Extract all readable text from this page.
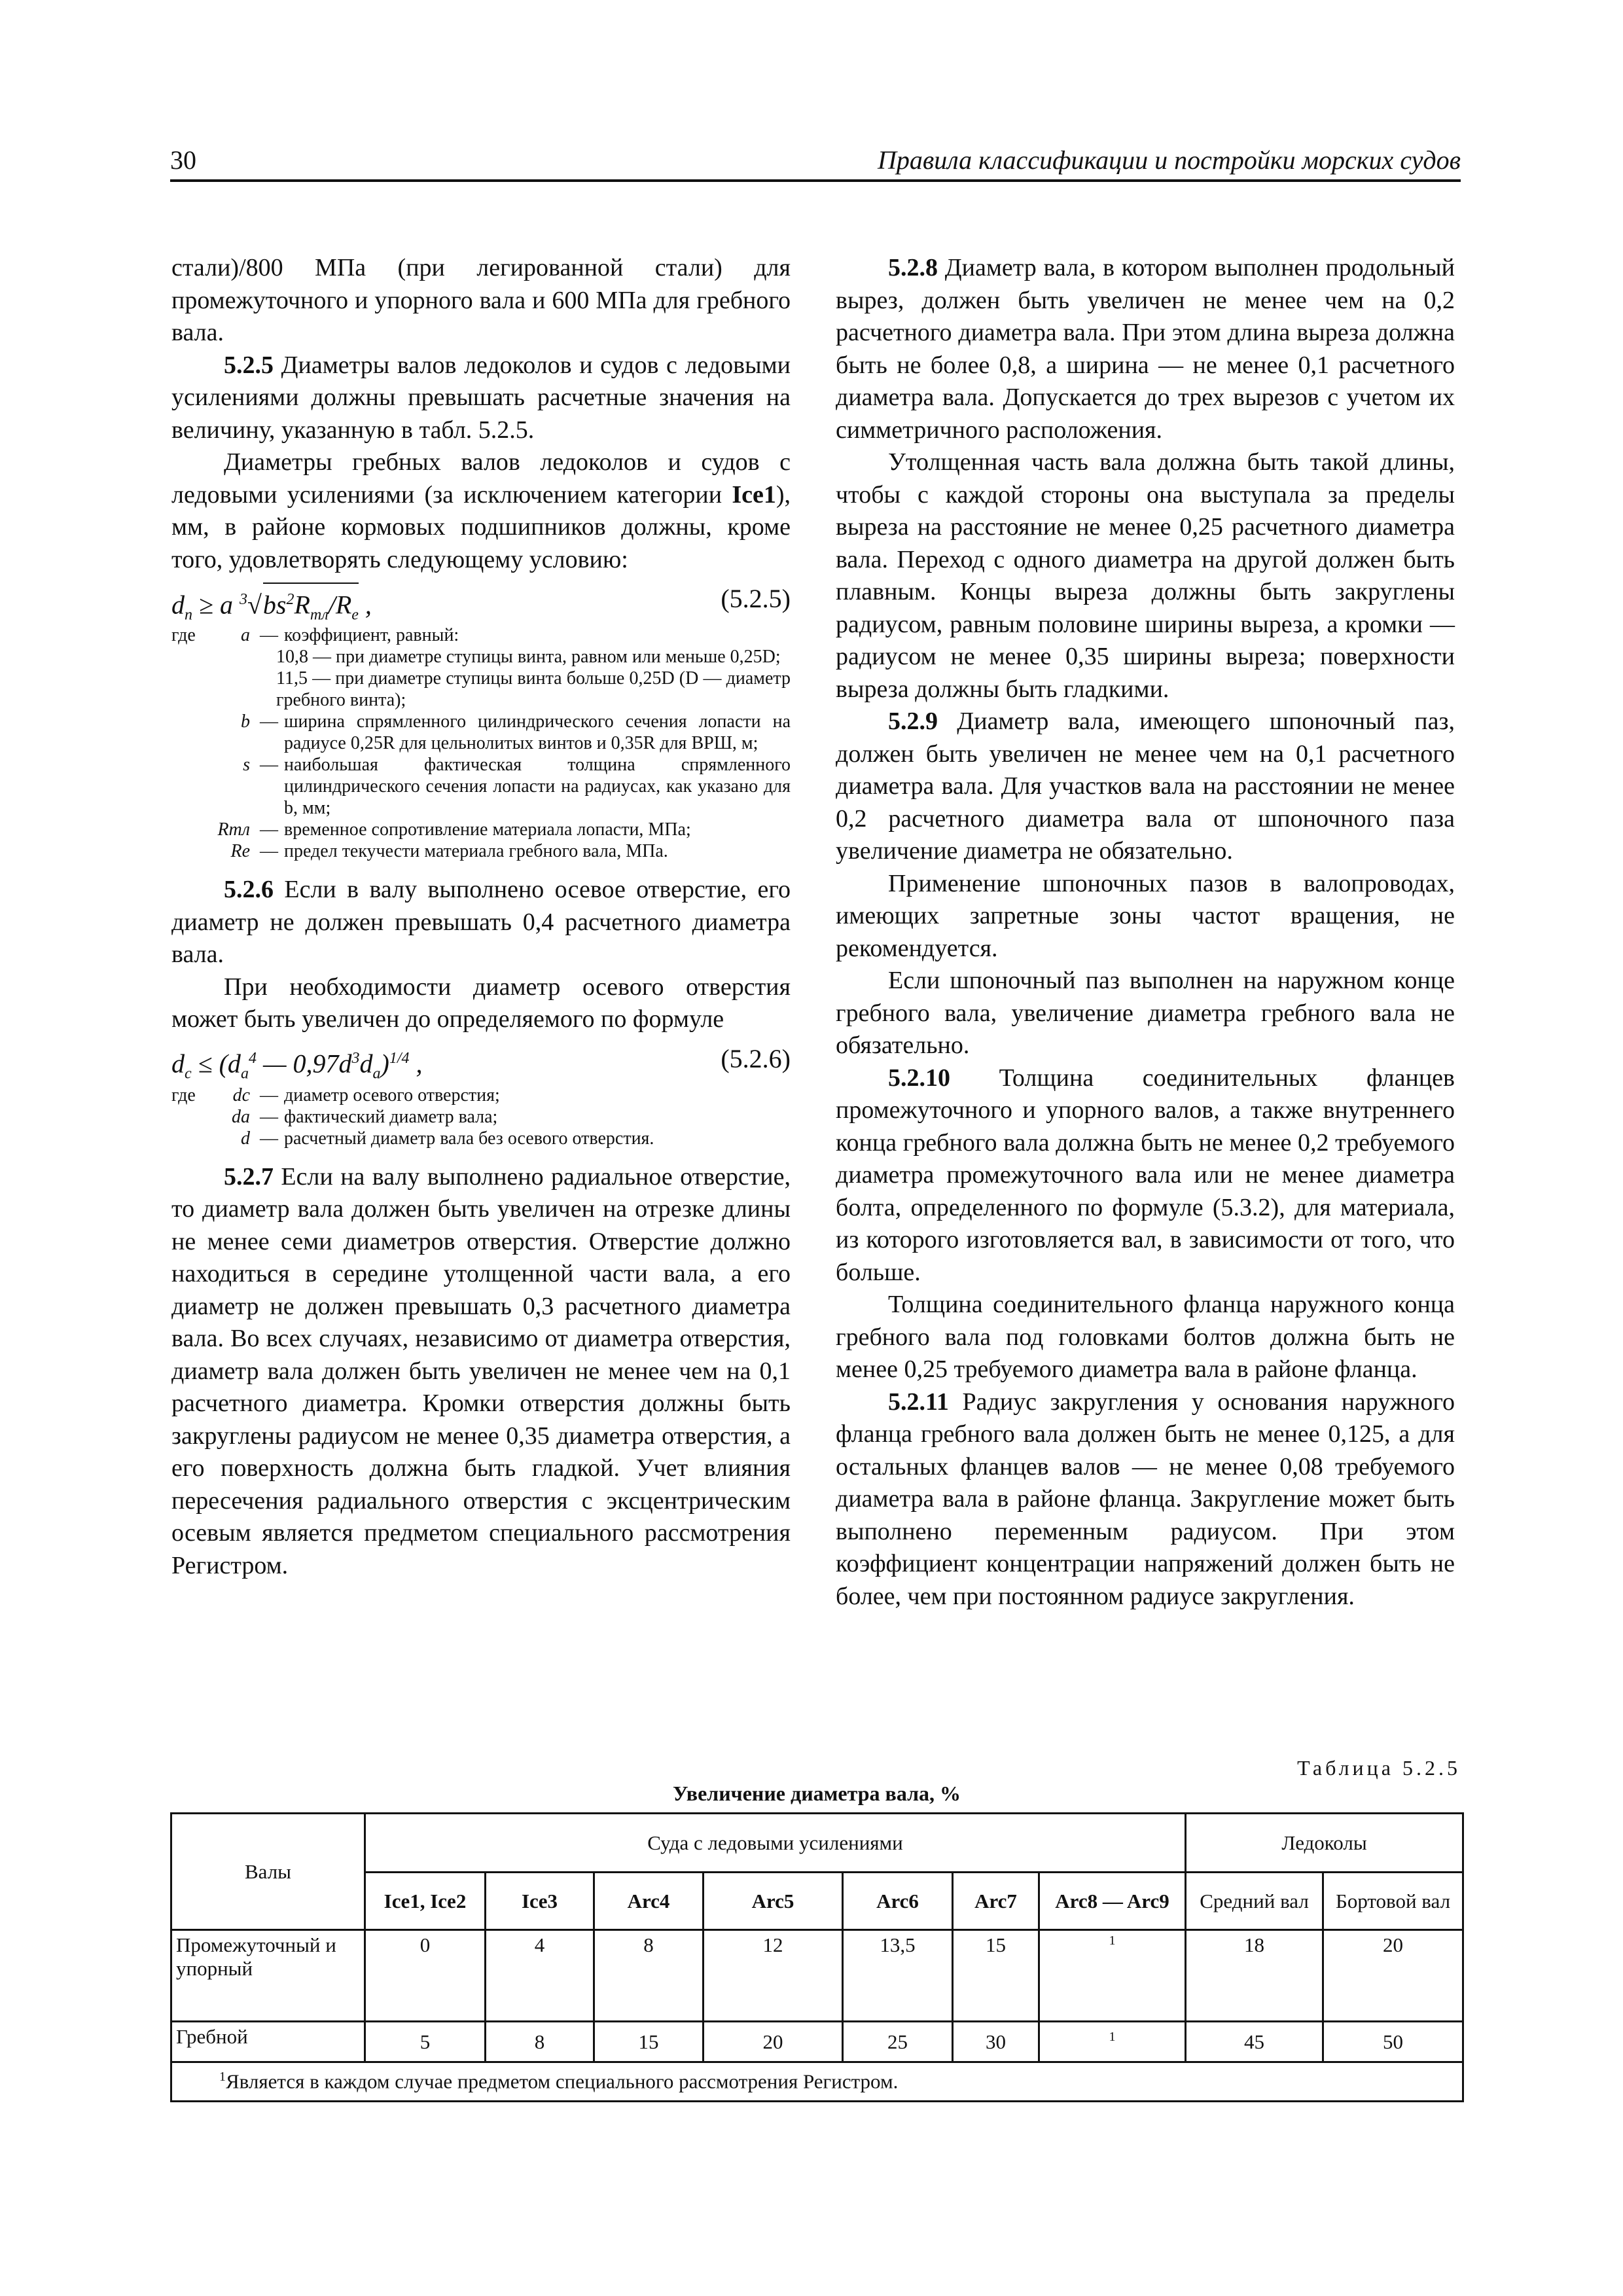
30	Правила классификации и постройки морских судов

стали)/800 МПа (при легированной стали) для промежуточного и упорного вала и 600 МПа для гребного вала.

5.2.5 Диаметры валов ледоколов и судов с ледовыми усилениями должны превышать расчетные значения на величину, указанную в табл. 5.2.5.

Диаметры гребных валов ледоколов и судов с ледовыми усилениями (за исключением категории Ice1), мм, в районе кормовых подшипников должны, кроме того, удовлетворять следующему условию:

$d_п \ge a$ $^3√bs^2R_{тл}/R_e$ ,	(5.2.5)
где	a — коэффициент, равный:
10,8 — при диаметре ступицы винта, равном или меньше 0,25D;
11,5 — при диаметре ступицы винта больше 0,25D (D — диаметр гребного винта);
b — ширина спрямленного цилиндрического сечения лопасти на радиусе 0,25R для цельнолитых винтов и 0,35R для ВРШ, м;
s — наибольшая фактическая толщина спрямленного цилиндрического сечения лопасти на радиусах, как указано для b, мм;
Rтл — временное сопротивление материала лопасти, МПа;
Re — предел текучести материала гребного вала, МПа.

5.2.6 Если в валу выполнено осевое отверстие, его диаметр не должен превышать 0,4 расчетного диаметра вала.

При необходимости диаметр осевого отверстия может быть увеличен до определяемого по формуле

$d_c \le (d_a^4$ — $0,97d^3d_a)^{1/4}$ ,	(5.2.6)
где	dc — диаметр осевого отверстия;
da — фактический диаметр вала;
d — расчетный диаметр вала без осевого отверстия.

5.2.7 Если на валу выполнено радиальное отверстие, то диаметр вала должен быть увеличен на отрезке длины не менее семи диаметров отверстия. Отверстие должно находиться в середине утолщенной части вала, а его диаметр не должен превышать 0,3 расчетного диаметра вала. Во всех случаях, независимо от диаметра отверстия, диаметр вала должен быть увеличен не менее чем на 0,1 расчетного диаметра. Кромки отверстия должны быть закруглены радиусом не менее 0,35 диаметра отверстия, а его поверхность должна быть гладкой. Учет влияния пересечения радиального отверстия с эксцентрическим осевым является предметом специального рассмотрения Регистром.

5.2.8 Диаметр вала, в котором выполнен продольный вырез, должен быть увеличен не менее чем на 0,2 расчетного диаметра вала. При этом длина выреза должна быть не более 0,8, а ширина — не менее 0,1 расчетного диаметра вала. Допускается до трех вырезов с учетом их симметричного расположения.

Утолщенная часть вала должна быть такой длины, чтобы с каждой стороны она выступала за пределы выреза на расстояние не менее 0,25 расчетного диаметра вала. Переход с одного диаметра на другой должен быть плавным. Концы выреза должны быть закруглены радиусом, равным половине ширины выреза, а кромки — радиусом не менее 0,35 ширины выреза; поверхности выреза должны быть гладкими.

5.2.9 Диаметр вала, имеющего шпоночный паз, должен быть увеличен не менее чем на 0,1 расчетного диаметра вала. Для участков вала на расстоянии не менее 0,2 расчетного диаметра вала от шпоночного паза увеличение диаметра не обязательно.

Применение шпоночных пазов в валопроводах, имеющих запретные зоны частот вращения, не рекомендуется.

Если шпоночный паз выполнен на наружном конце гребного вала, увеличение диаметра гребного вала не обязательно.

5.2.10 Толщина соединительных фланцев промежуточного и упорного валов, а также внутреннего конца гребного вала должна быть не менее 0,2 требуемого диаметра промежуточного вала или не менее диаметра болта, определенного по формуле (5.3.2), для материала, из которого изготовляется вал, в зависимости от того, что больше.

Толщина соединительного фланца наружного конца гребного вала под головками болтов должна быть не менее 0,25 требуемого диаметра вала в районе фланца.

5.2.11 Радиус закругления у основания наружного фланца гребного вала должен быть не менее 0,125, а для остальных фланцев валов — не менее 0,08 требуемого диаметра вала в районе фланца. Закругление может быть выполнено переменным радиусом. При этом коэффициент концентрации напряжений должен быть не более, чем при постоянном радиусе закругления.

Таблица 5.2.5
Увеличение диаметра вала, %
Валы	Суда с ледовыми усилениями							Ледоколы	
	Ice1, Ice2	Ice3	Arc4	Arc5	Arc6	Arc7	Arc8 — Arc9	Средний вал	Бортовой вал
Промежуточный и упорный	0	4	8	12	13,5	15	$^1$	18	20
Гребной	5	8	15	20	25	30	$^1$	45	50
$^1$Является в каждом случае предметом специального рассмотрения Регистром.									
